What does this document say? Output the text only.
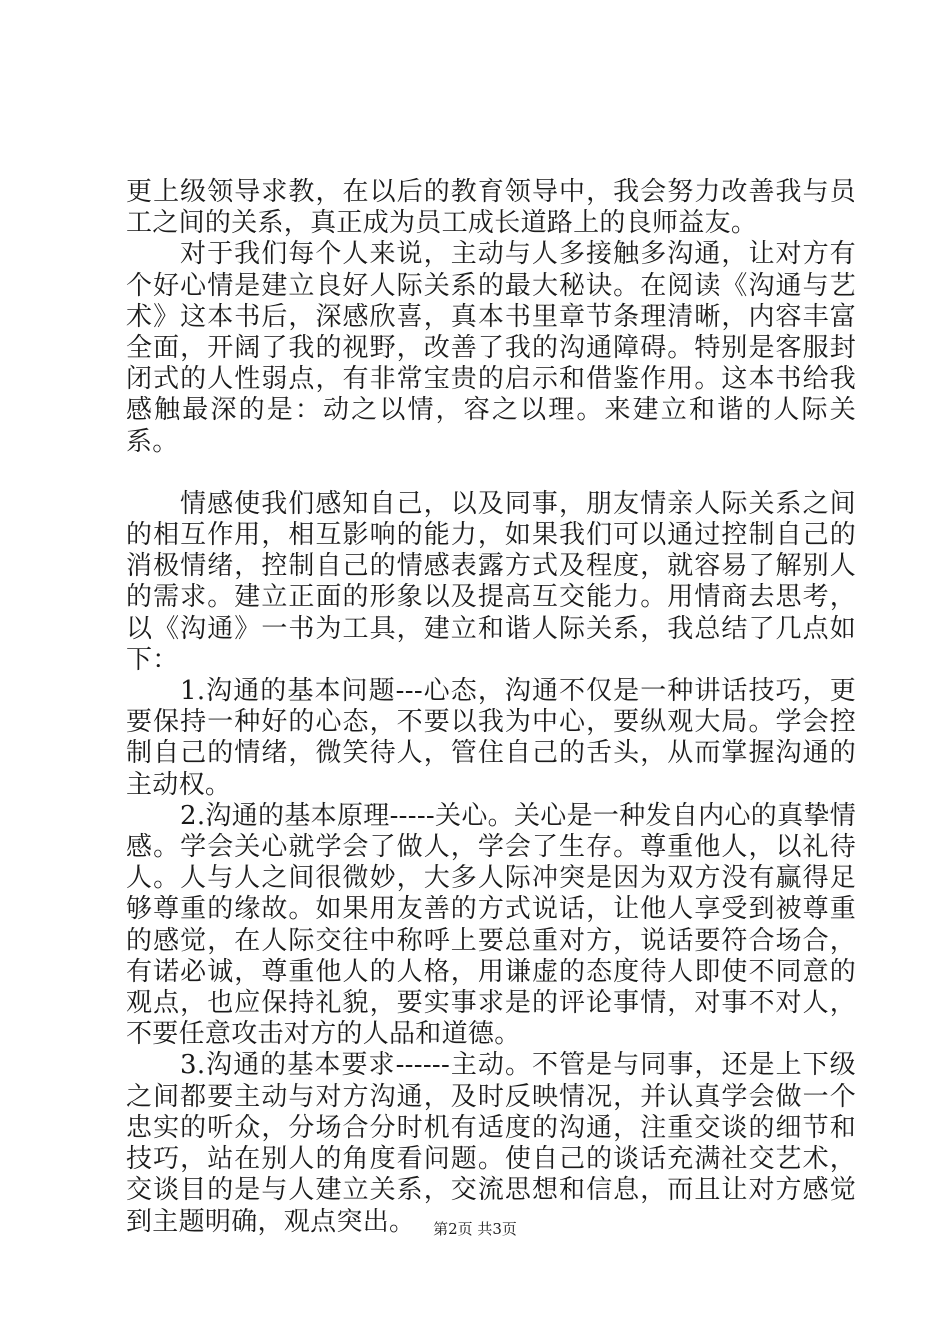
更上级领导求教，在以后的教育领导中，我会努力改善我与员工之间的关系，真正成为员工成长道路上的良师益友。

对于我们每个人来说，主动与人多接触多沟通，让对方有个好心情是建立良好人际关系的最大秘诀。在阅读《沟通与艺术》这本书后，深感欣喜，真本书里章节条理清晰，内容丰富全面，开阔了我的视野，改善了我的沟通障碍。特别是客服封闭式的人性弱点，有非常宝贵的启示和借鉴作用。这本书给我感触最深的是：动之以情，容之以理。来建立和谐的人际关系。

情感使我们感知自己，以及同事，朋友情亲人际关系之间的相互作用，相互影响的能力，如果我们可以通过控制自己的消极情绪，控制自己的情感表露方式及程度，就容易了解别人的需求。建立正面的形象以及提高互交能力。用情商去思考，以《沟通》一书为工具，建立和谐人际关系，我总结了几点如下：

1.沟通的基本问题---心态，沟通不仅是一种讲话技巧，更要保持一种好的心态，不要以我为中心，要纵观大局。学会控制自己的情绪，微笑待人，管住自己的舌头，从而掌握沟通的主动权。

2.沟通的基本原理-----关心。关心是一种发自内心的真挚情感。学会关心就学会了做人，学会了生存。尊重他人，以礼待人。人与人之间很微妙，大多人际冲突是因为双方没有赢得足够尊重的缘故。如果用友善的方式说话，让他人享受到被尊重的感觉，在人际交往中称呼上要总重对方，说话要符合场合，有诺必诚，尊重他人的人格，用谦虚的态度待人即使不同意的观点，也应保持礼貌，要实事求是的评论事情，对事不对人，不要任意攻击对方的人品和道德。

3.沟通的基本要求------主动。不管是与同事，还是上下级之间都要主动与对方沟通，及时反映情况，并认真学会做一个忠实的听众，分场合分时机有适度的沟通，注重交谈的细节和技巧，站在别人的角度看问题。使自己的谈话充满社交艺术，交谈目的是与人建立关系，交流思想和信息，而且让对方感觉到主题明确，观点突出。	第2页 共3页
